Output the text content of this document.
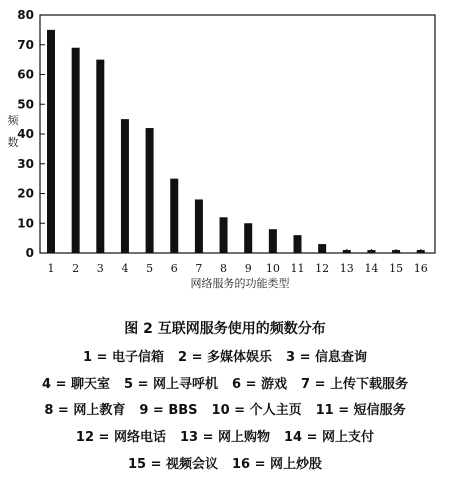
0
10
20
30
40
50
60
70
80
1 2 3 4 5 6 7 8 9 10 11 12 13 14 15 16
网络服务的功能类型
频
数
图 2 互联网服务使用的频数分布
1 = 电子信箱 2 = 多媒体娱乐 3 = 信息查询
4 = 聊天室 5 = 网上寻呼机 6 = 游戏 7 = 上传下载服务
8 = 网上教育 9 = BBS 10 = 个人主页 11 = 短信服务
12 = 网络电话 13 = 网上购物 14 = 网上支付
15 = 视频会议 16 = 网上炒股
